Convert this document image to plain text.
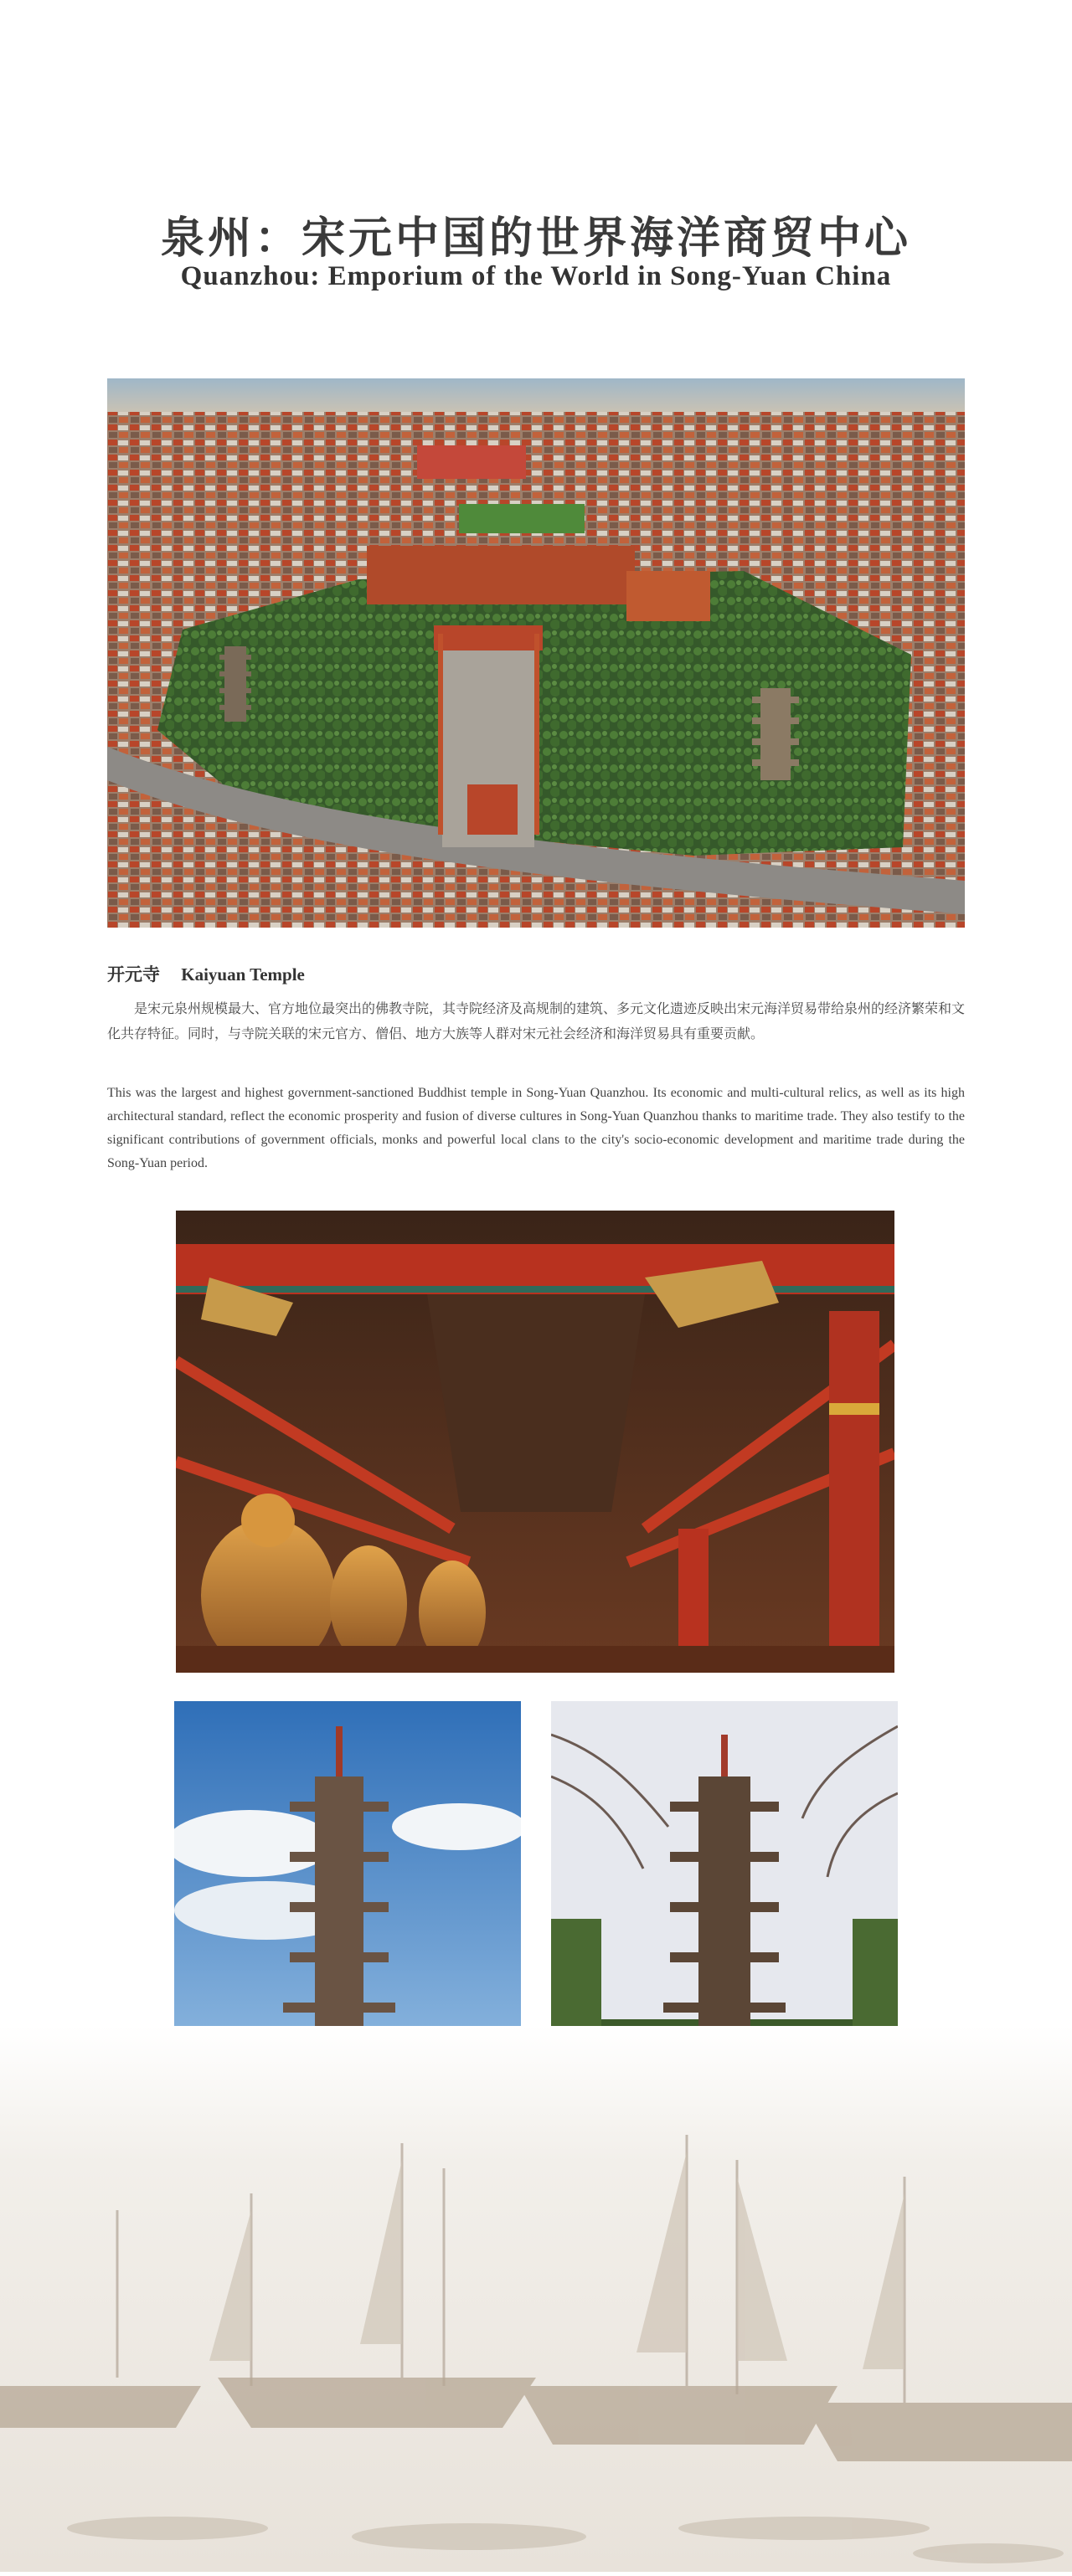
泉州：宋元中国的世界海洋商贸中心
Quanzhou: Emporium of the World in Song-Yuan China
开元寺 Kaiyuan Temple

是宋元泉州规模最大、官方地位最突出的佛教寺院，其寺院经济及高规制的建筑、多元文化遗迹反映出宋元海洋贸易带给泉州的经济繁荣和文化共存特征。同时，与寺院关联的宋元官方、僧侣、地方大族等人群对宋元社会经济和海洋贸易具有重要贡献。

This was the largest and highest government-sanctioned Buddhist temple in Song-Yuan Quanzhou. Its economic and multi-cultural relics, as well as its high architectural standard, reflect the economic prosperity and fusion of diverse cultures in Song-Yuan Quanzhou thanks to maritime trade. They also testify to the significant contributions of government officials, monks and powerful local clans to the city's socio-economic development and maritime trade during the Song-Yuan period.
